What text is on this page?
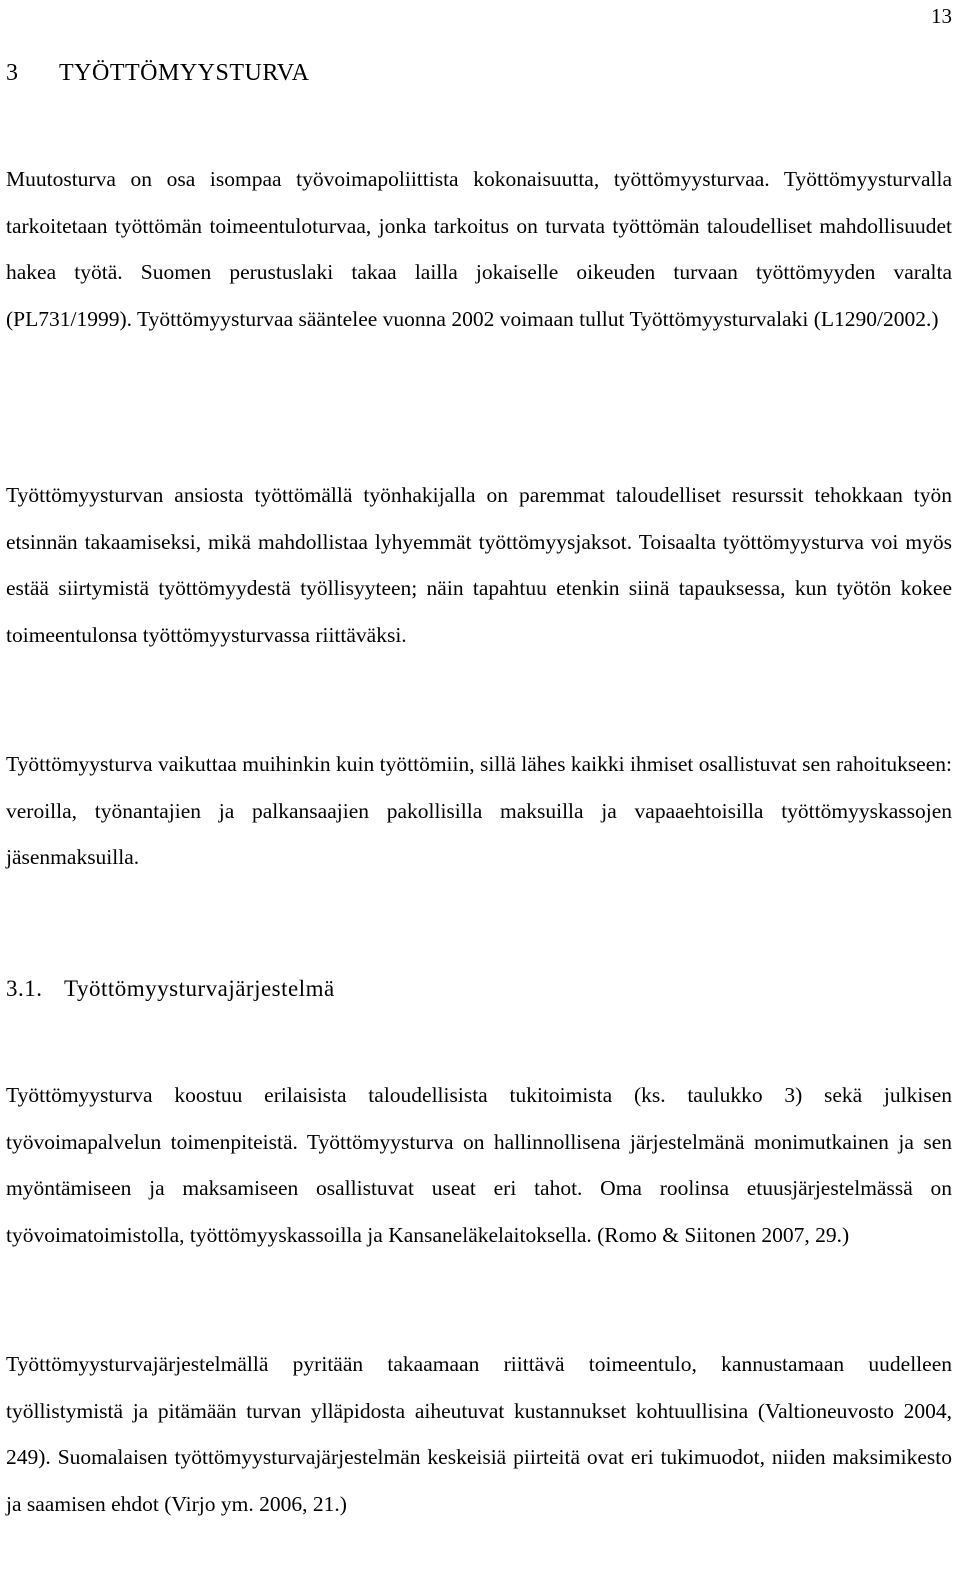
13
3 TYÖTTÖMYYSTURVA

Muutosturva on osa isompaa työvoimapoliittista kokonaisuutta, työttömyysturvaa. Työttömyysturvalla tarkoitetaan työttömän toimeentuloturvaa, jonka tarkoitus on turvata työttömän taloudelliset mahdollisuudet hakea työtä. Suomen perustuslaki takaa lailla jokaiselle oikeuden turvaan työttömyyden varalta (PL731/1999). Työttömyysturvaa sääntelee vuonna 2002 voimaan tullut Työttömyysturvalaki (L1290/2002.)

Työttömyysturvan ansiosta työttömällä työnhakijalla on paremmat taloudelliset resurssit tehokkaan työn etsinnän takaamiseksi, mikä mahdollistaa lyhyemmät työttömyysjaksot. Toisaalta työttömyysturva voi myös estää siirtymistä työttömyydestä työllisyyteen; näin tapahtuu etenkin siinä tapauksessa, kun työtön kokee toimeentulonsa työttömyysturvassa riittäväksi.

Työttömyysturva vaikuttaa muihinkin kuin työttömiin, sillä lähes kaikki ihmiset osallistuvat sen rahoitukseen: veroilla, työnantajien ja palkansaajien pakollisilla maksuilla ja vapaaehtoisilla työttömyyskassojen jäsenmaksuilla.

3.1. Työttömyysturvajärjestelmä

Työttömyysturva koostuu erilaisista taloudellisista tukitoimista (ks. taulukko 3) sekä julkisen työvoimapalvelun toimenpiteistä. Työttömyysturva on hallinnollisena järjestelmänä monimutkainen ja sen myöntämiseen ja maksamiseen osallistuvat useat eri tahot. Oma roolinsa etuusjärjestelmässä on työvoimatoimistolla, työttömyyskassoilla ja Kansaneläkelaitoksella. (Romo & Siitonen 2007, 29.)

Työttömyysturvajärjestelmällä pyritään takaamaan riittävä toimeentulo, kannustamaan uudelleen työllistymistä ja pitämään turvan ylläpidosta aiheutuvat kustannukset kohtuullisina (Valtioneuvosto 2004, 249). Suomalaisen työttömyysturvajärjestelmän keskeisiä piirteitä ovat eri tukimuodot, niiden maksimikesto ja saamisen ehdot (Virjo ym. 2006, 21.)
